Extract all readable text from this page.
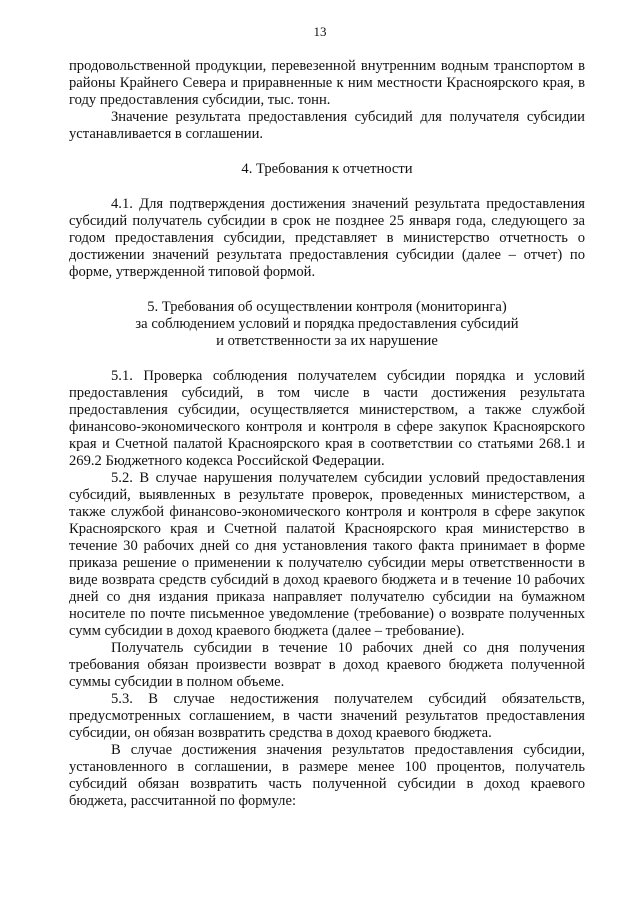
13

продовольственной продукции, перевезенной внутренним водным транспортом в районы Крайнего Севера и приравненные к ним местности Красноярского края, в году предоставления субсидии, тыс. тонн.

Значение результата предоставления субсидий для получателя субсидии устанавливается в соглашении.

4. Требования к отчетности

4.1. Для подтверждения достижения значений результата предоставления субсидий получатель субсидии в срок не позднее 25 января года, следующего за годом предоставления субсидии, представляет в министерство отчетность о достижении значений результата предоставления субсидии (далее – отчет) по форме, утвержденной типовой формой.

5. Требования об осуществлении контроля (мониторинга)
за соблюдением условий и порядка предоставления субсидий
и ответственности за их нарушение

5.1. Проверка соблюдения получателем субсидии порядка и условий предоставления субсидий, в том числе в части достижения результата предоставления субсидии, осуществляется министерством, а также службой финансово-экономического контроля и контроля в сфере закупок Красноярского края и Счетной палатой Красноярского края в соответствии со статьями 268.1 и 269.2 Бюджетного кодекса Российской Федерации.

5.2. В случае нарушения получателем субсидии условий предоставления субсидий, выявленных в результате проверок, проведенных министерством, а также службой финансово-экономического контроля и контроля в сфере закупок Красноярского края и Счетной палатой Красноярского края министерство в течение 30 рабочих дней со дня установления такого факта принимает в форме приказа решение о применении к получателю субсидии меры ответственности в виде возврата средств субсидий в доход краевого бюджета и в течение 10 рабочих дней со дня издания приказа направляет получателю субсидии на бумажном носителе по почте письменное уведомление (требование) о возврате полученных сумм субсидии в доход краевого бюджета (далее – требование).

Получатель субсидии в течение 10 рабочих дней со дня получения требования обязан произвести возврат в доход краевого бюджета полученной суммы субсидии в полном объеме.

5.3. В случае недостижения получателем субсидий обязательств, предусмотренных соглашением, в части значений результатов предоставления субсидии, он обязан возвратить средства в доход краевого бюджета.

В случае достижения значения результатов предоставления субсидии, установленного в соглашении, в размере менее 100 процентов, получатель субсидий обязан возвратить часть полученной субсидии в доход краевого бюджета, рассчитанной по формуле:
